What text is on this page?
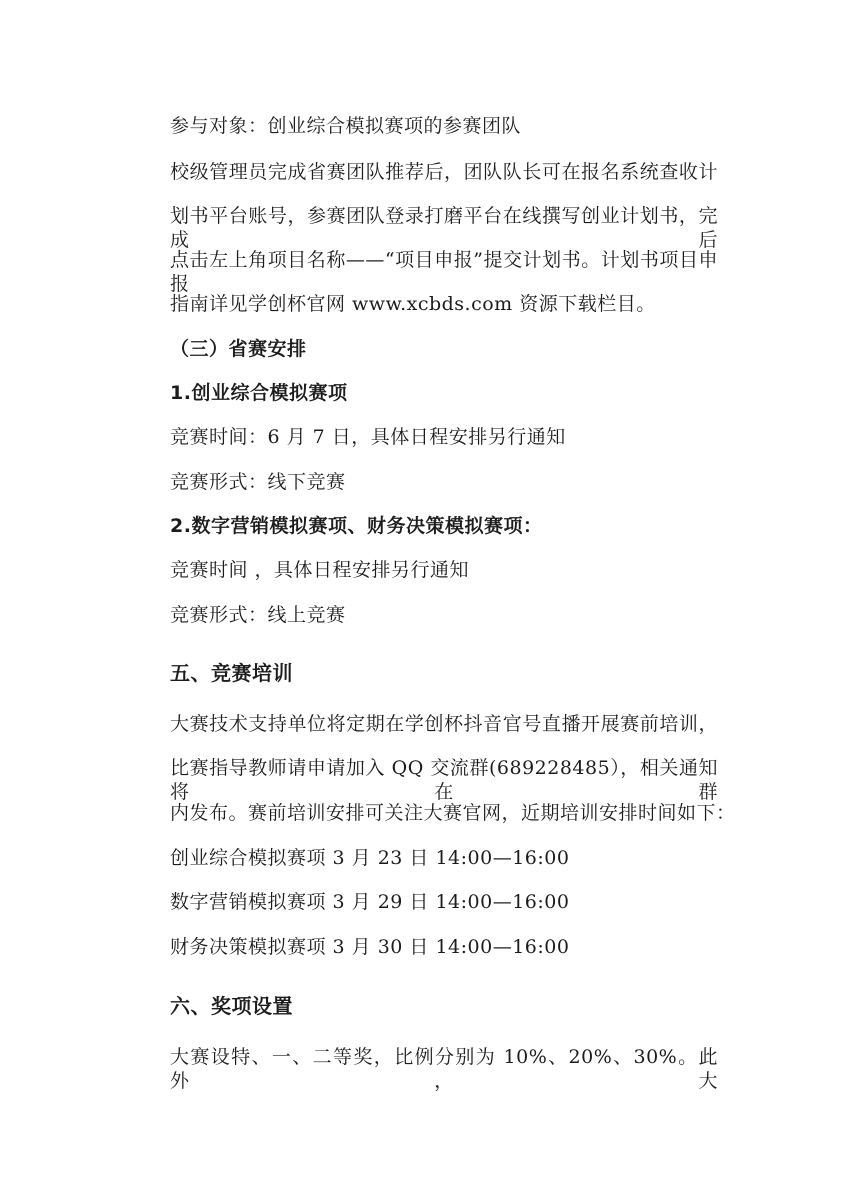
参与对象：创业综合模拟赛项的参赛团队
校级管理员完成省赛团队推荐后，团队队长可在报名系统查收计
划书平台账号，参赛团队登录打磨平台在线撰写创业计划书，完成后
点击左上角项目名称——“项目申报”提交计划书。计划书项目申报
指南详见学创杯官网 www.xcbds.com 资源下载栏目。
（三）省赛安排
1.创业综合模拟赛项
竞赛时间：6 月 7 日，具体日程安排另行通知
竞赛形式：线下竞赛
2.数字营销模拟赛项、财务决策模拟赛项：
竞赛时间 ，具体日程安排另行通知
竞赛形式：线上竞赛
五、竞赛培训
大赛技术支持单位将定期在学创杯抖音官号直播开展赛前培训，
比赛指导教师请申请加入 QQ 交流群(689228485），相关通知将在群
内发布。赛前培训安排可关注大赛官网，近期培训安排时间如下：
创业综合模拟赛项 3 月 23 日 14:00—16:00
数字营销模拟赛项 3 月 29 日 14:00—16:00
财务决策模拟赛项 3 月 30 日 14:00—16:00
六、奖项设置
大赛设特、一、二等奖，比例分别为 10%、20%、30%。此外，大
